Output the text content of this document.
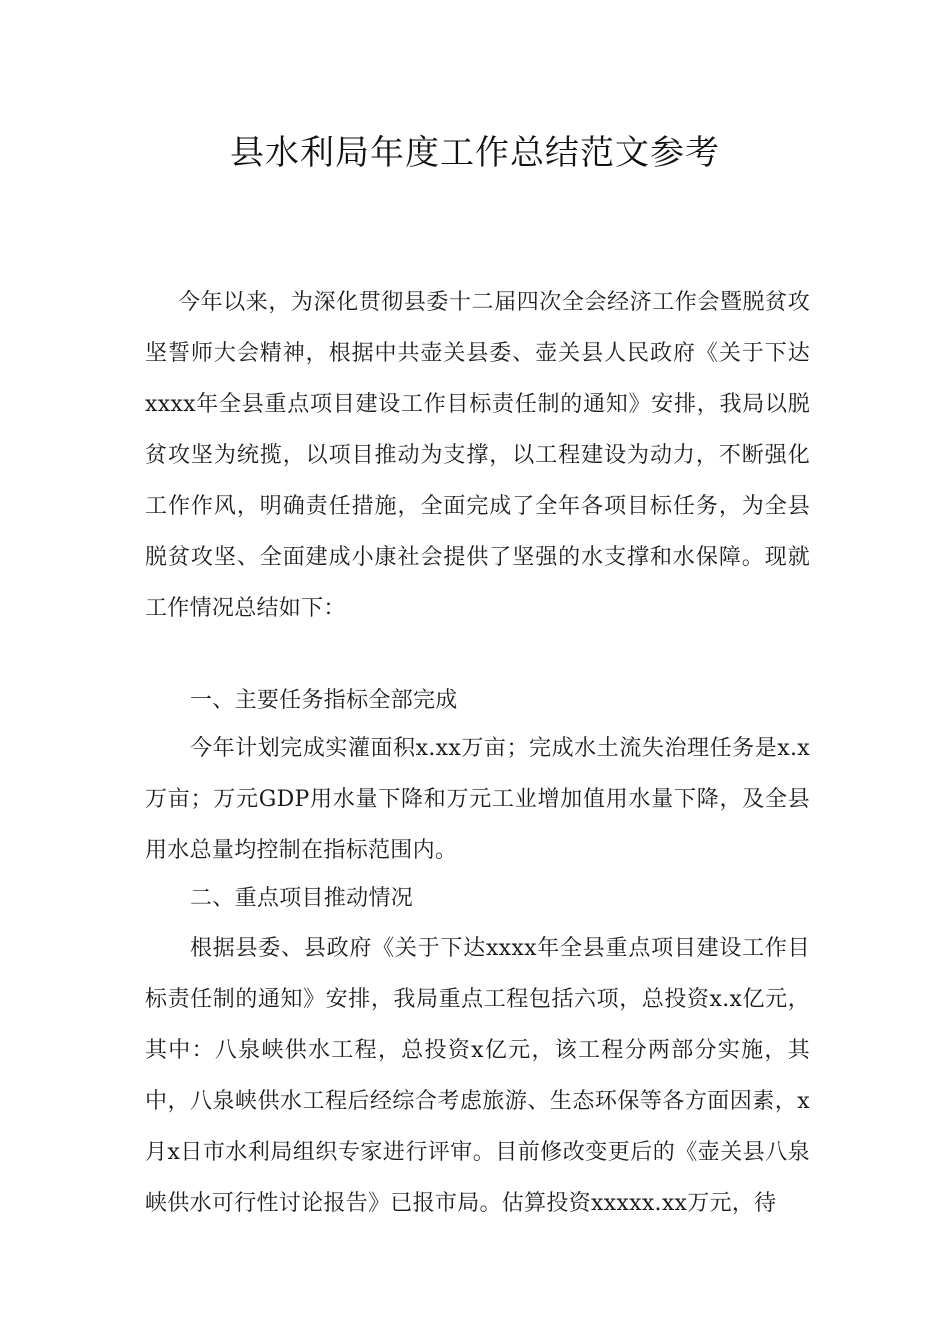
县水利局年度工作总结范文参考
今年以来，为深化贯彻县委十二届四次全会经济工作会暨脱贫攻坚誓师大会精神，根据中共壶关县委、壶关县人民政府《关于下达xxxx年全县重点项目建设工作目标责任制的通知》安排，我局以脱贫攻坚为统揽，以项目推动为支撑，以工程建设为动力，不断强化工作作风，明确责任措施，全面完成了全年各项目标任务，为全县脱贫攻坚、全面建成小康社会提供了坚强的水支撑和水保障。现就工作情况总结如下：
一、主要任务指标全部完成
今年计划完成实灌面积x.xx万亩；完成水土流失治理任务是x.x万亩；万元GDP用水量下降和万元工业增加值用水量下降，及全县用水总量均控制在指标范围内。
二、重点项目推动情况
根据县委、县政府《关于下达xxxx年全县重点项目建设工作目标责任制的通知》安排，我局重点工程包括六项，总投资x.x亿元，其中：八泉峡供水工程，总投资x亿元，该工程分两部分实施，其中，八泉峡供水工程后经综合考虑旅游、生态环保等各方面因素，x月x日市水利局组织专家进行评审。目前修改变更后的《壶关县八泉峡供水可行性讨论报告》已报市局。估算投资xxxxx.xx万元，待
